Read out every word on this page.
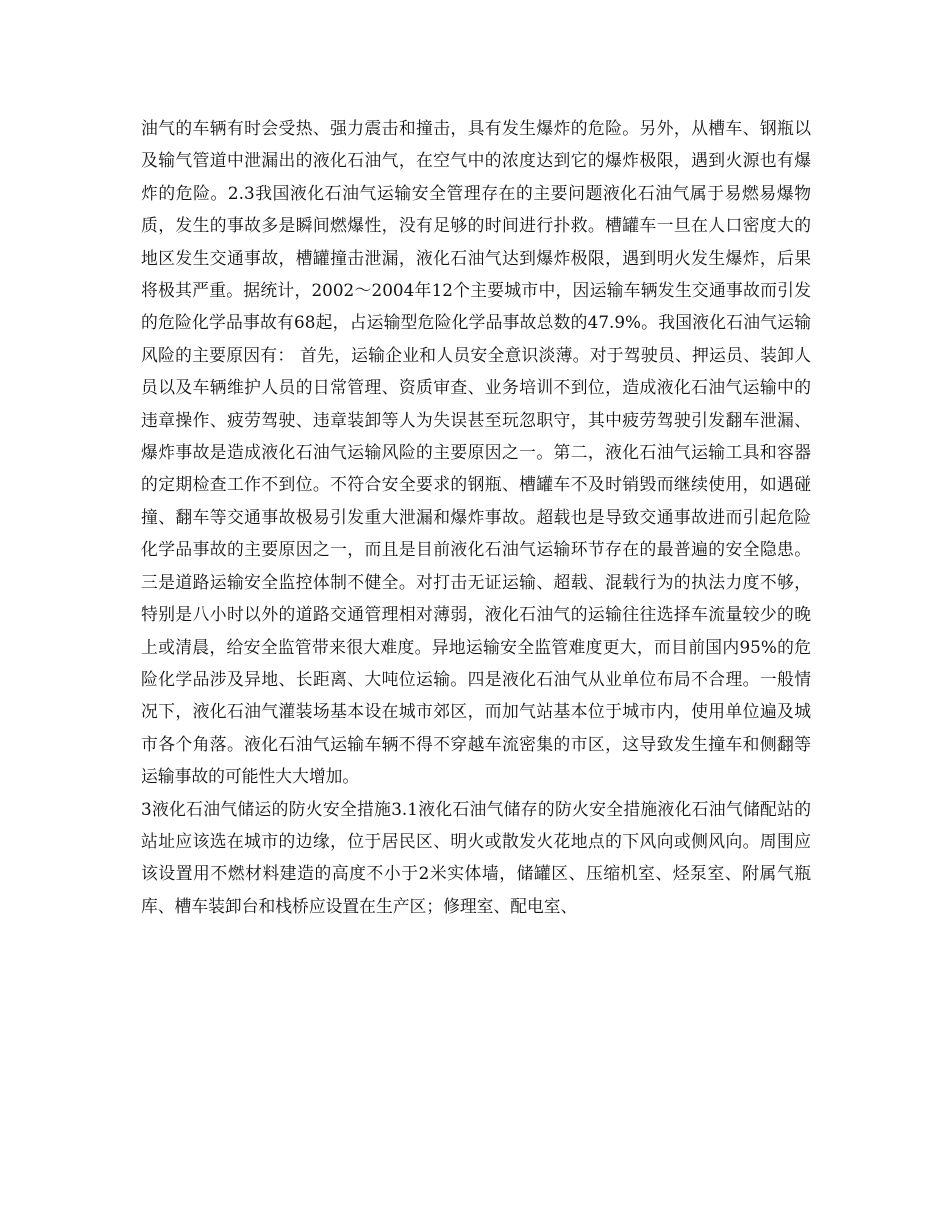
油气的车辆有时会受热、强力震击和撞击，具有发生爆炸的危险。另外，从槽车、钢瓶以及输气管道中泄漏出的液化石油气，在空气中的浓度达到它的爆炸极限，遇到火源也有爆炸的危险。2.3我国液化石油气运输安全管理存在的主要问题液化石油气属于易燃易爆物质，发生的事故多是瞬间燃爆性，没有足够的时间进行扑救。槽罐车一旦在人口密度大的地区发生交通事故，槽罐撞击泄漏，液化石油气达到爆炸极限，遇到明火发生爆炸，后果将极其严重。据统计，2002～2004年12个主要城市中，因运输车辆发生交通事故而引发的危险化学品事故有68起，占运输型危险化学品事故总数的47.9%。我国液化石油气运输风险的主要原因有： 首先，运输企业和人员安全意识淡薄。对于驾驶员、押运员、装卸人员以及车辆维护人员的日常管理、资质审查、业务培训不到位，造成液化石油气运输中的违章操作、疲劳驾驶、违章装卸等人为失误甚至玩忽职守，其中疲劳驾驶引发翻车泄漏、爆炸事故是造成液化石油气运输风险的主要原因之一。第二，液化石油气运输工具和容器的定期检查工作不到位。不符合安全要求的钢瓶、槽罐车不及时销毁而继续使用，如遇碰撞、翻车等交通事故极易引发重大泄漏和爆炸事故。超载也是导致交通事故进而引起危险化学品事故的主要原因之一，而且是目前液化石油气运输环节存在的最普遍的安全隐患。三是道路运输安全监控体制不健全。对打击无证运输、超载、混载行为的执法力度不够，特别是八小时以外的道路交通管理相对薄弱，液化石油气的运输往往选择车流量较少的晚上或清晨，给安全监管带来很大难度。异地运输安全监管难度更大，而目前国内95%的危险化学品涉及异地、长距离、大吨位运输。四是液化石油气从业单位布局不合理。一般情况下，液化石油气灌装场基本设在城市郊区，而加气站基本位于城市内，使用单位遍及城市各个角落。液化石油气运输车辆不得不穿越车流密集的市区，这导致发生撞车和侧翻等运输事故的可能性大大增加。

3液化石油气储运的防火安全措施3.1液化石油气储存的防火安全措施液化石油气储配站的站址应该选在城市的边缘，位于居民区、明火或散发火花地点的下风向或侧风向。周围应该设置用不燃材料建造的高度不小于2米实体墙，储罐区、压缩机室、烃泵室、附属气瓶库、槽车装卸台和栈桥应设置在生产区；修理室、配电室、
